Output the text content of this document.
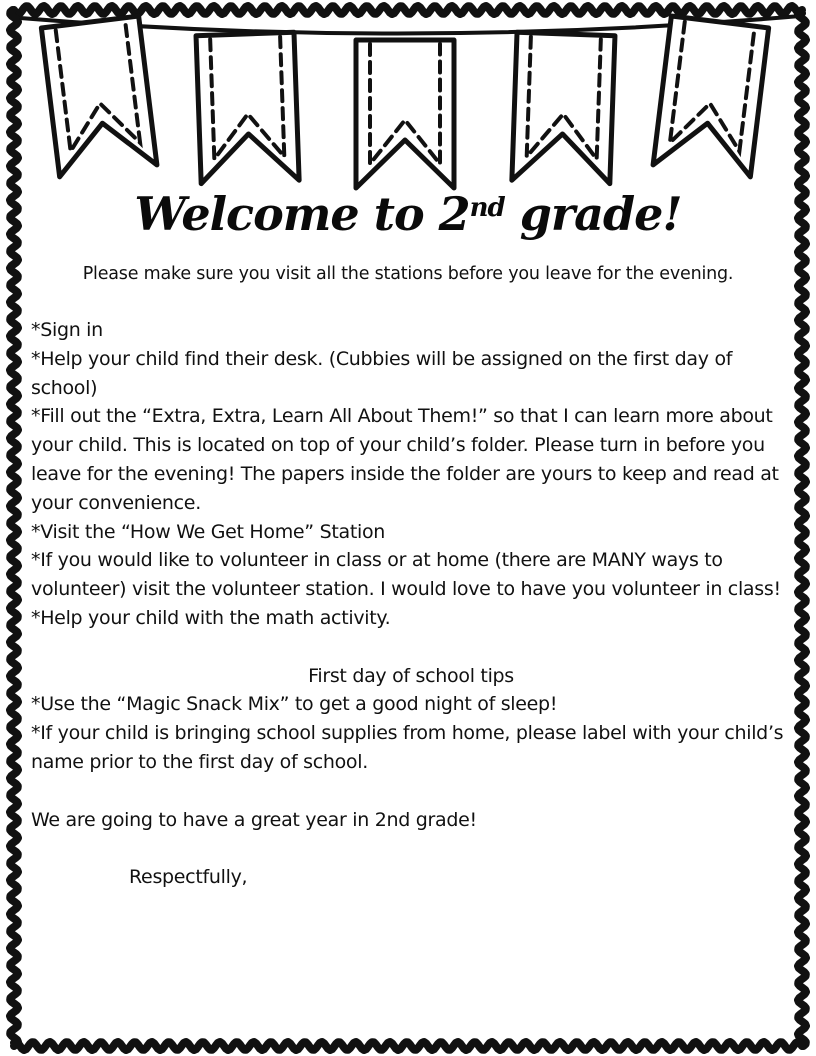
Welcome to 2nd grade!
Please make sure you visit all the stations before you leave for the evening.

*Sign in

*Help your child find their desk. (Cubbies will be assigned on the first day of school)

*Fill out the “Extra, Extra, Learn All About Them!” so that I can learn more about your child. This is located on top of your child’s folder. Please turn in before you leave for the evening! The papers inside the folder are yours to keep and read at your convenience.

*Visit the “How We Get Home” Station

*If you would like to volunteer in class or at home (there are MANY ways to volunteer) visit the volunteer station. I would love to have you volunteer in class!

*Help your child with the math activity.

First day of school tips

*Use the “Magic Snack Mix” to get a good night of sleep!

*If your child is bringing school supplies from home, please label with your child’s name prior to the first day of school.

We are going to have a great year in 2nd grade!

Respectfully,
